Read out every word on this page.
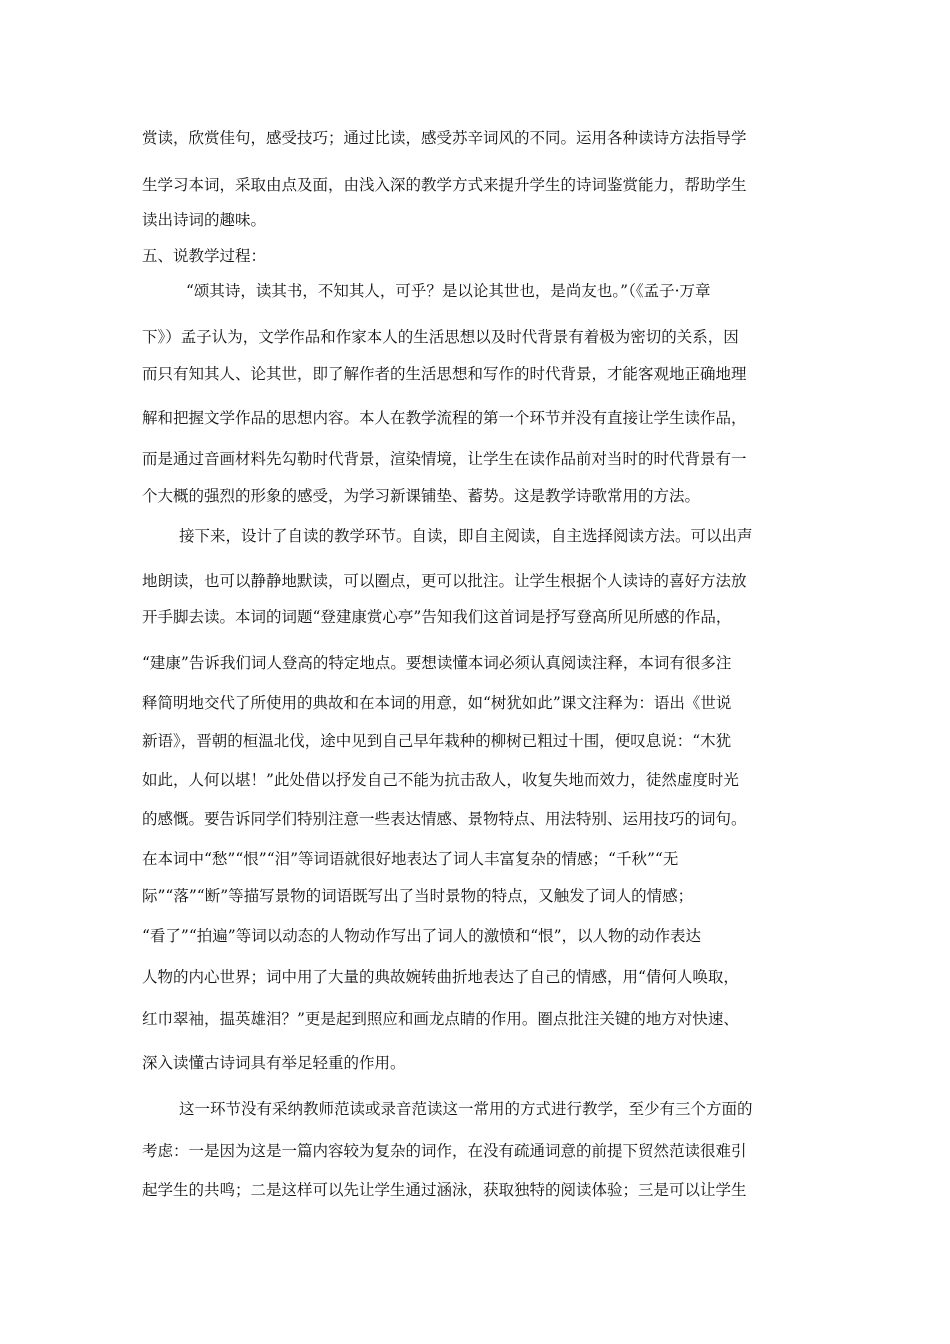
赏读，欣赏佳句，感受技巧；通过比读，感受苏辛词风的不同。运用各种读诗方法指导学
生学习本词，采取由点及面，由浅入深的教学方式来提升学生的诗词鉴赏能力，帮助学生
读出诗词的趣味。
五、说教学过程：
“颂其诗，读其书，不知其人，可乎？是以论其世也，是尚友也。”（《孟子·万章
下》）孟子认为，文学作品和作家本人的生活思想以及时代背景有着极为密切的关系，因
而只有知其人、论其世，即了解作者的生活思想和写作的时代背景，才能客观地正确地理
解和把握文学作品的思想内容。本人在教学流程的第一个环节并没有直接让学生读作品，
而是通过音画材料先勾勒时代背景，渲染情境，让学生在读作品前对当时的时代背景有一
个大概的强烈的形象的感受，为学习新课铺垫、蓄势。这是教学诗歌常用的方法。
接下来，设计了自读的教学环节。自读，即自主阅读，自主选择阅读方法。可以出声
地朗读，也可以静静地默读，可以圈点，更可以批注。让学生根据个人读诗的喜好方法放
开手脚去读。本词的词题“登建康赏心亭”告知我们这首词是抒写登高所见所感的作品，
“建康”告诉我们词人登高的特定地点。要想读懂本词必须认真阅读注释，本词有很多注
释简明地交代了所使用的典故和在本词的用意，如“树犹如此”课文注释为：语出《世说
新语》，晋朝的桓温北伐，途中见到自己早年栽种的柳树已粗过十围，便叹息说：“木犹
如此，人何以堪！”此处借以抒发自己不能为抗击敌人，收复失地而效力，徒然虚度时光
的感慨。要告诉同学们特别注意一些表达情感、景物特点、用法特别、运用技巧的词句。
在本词中“愁”“恨”“泪”等词语就很好地表达了词人丰富复杂的情感；“千秋”“无
际”“落”“断”等描写景物的词语既写出了当时景物的特点，又触发了词人的情感；
“看了”“拍遍”等词以动态的人物动作写出了词人的激愤和“恨”，以人物的动作表达
人物的内心世界；词中用了大量的典故婉转曲折地表达了自己的情感，用“倩何人唤取，
红巾翠袖，揾英雄泪？”更是起到照应和画龙点睛的作用。圈点批注关键的地方对快速、
深入读懂古诗词具有举足轻重的作用。
这一环节没有采纳教师范读或录音范读这一常用的方式进行教学，至少有三个方面的
考虑：一是因为这是一篇内容较为复杂的词作，在没有疏通词意的前提下贸然范读很难引
起学生的共鸣；二是这样可以先让学生通过涵泳，获取独特的阅读体验；三是可以让学生
